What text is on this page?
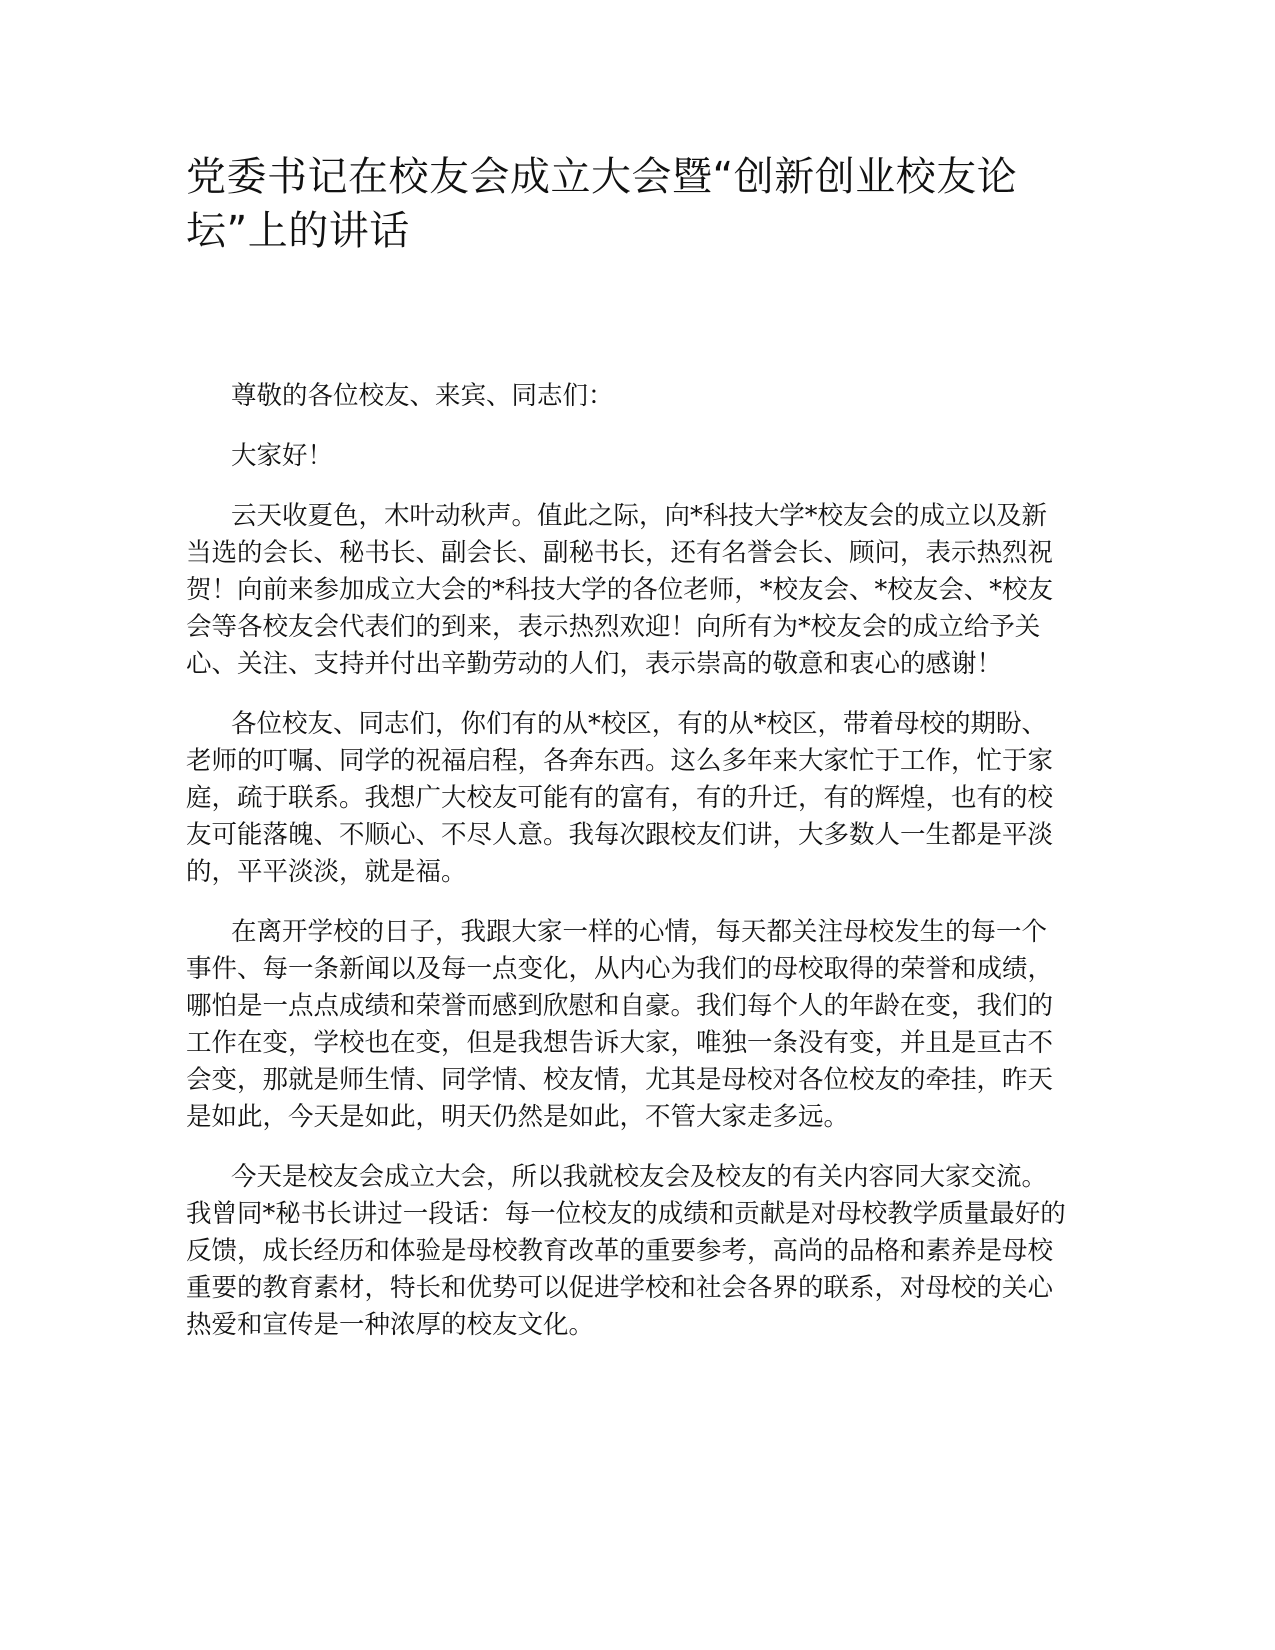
党委书记在校友会成立大会暨“创新创业校友论坛”上的讲话

尊敬的各位校友、来宾、同志们：

大家好！

云天收夏色，木叶动秋声。值此之际，向*科技大学*校友会的成立以及新当选的会长、秘书长、副会长、副秘书长，还有名誉会长、顾问，表示热烈祝贺！向前来参加成立大会的*科技大学的各位老师，*校友会、*校友会、*校友会等各校友会代表们的到来，表示热烈欢迎！向所有为*校友会的成立给予关心、关注、支持并付出辛勤劳动的人们，表示崇高的敬意和衷心的感谢！

各位校友、同志们，你们有的从*校区，有的从*校区，带着母校的期盼、老师的叮嘱、同学的祝福启程，各奔东西。这么多年来大家忙于工作，忙于家庭，疏于联系。我想广大校友可能有的富有，有的升迁，有的辉煌，也有的校友可能落魄、不顺心、不尽人意。我每次跟校友们讲，大多数人一生都是平淡的，平平淡淡，就是福。

在离开学校的日子，我跟大家一样的心情，每天都关注母校发生的每一个事件、每一条新闻以及每一点变化，从内心为我们的母校取得的荣誉和成绩，哪怕是一点点成绩和荣誉而感到欣慰和自豪。我们每个人的年龄在变，我们的工作在变，学校也在变，但是我想告诉大家，唯独一条没有变，并且是亘古不会变，那就是师生情、同学情、校友情，尤其是母校对各位校友的牵挂，昨天是如此，今天是如此，明天仍然是如此，不管大家走多远。

今天是校友会成立大会，所以我就校友会及校友的有关内容同大家交流。我曾同*秘书长讲过一段话：每一位校友的成绩和贡献是对母校教学质量最好的反馈，成长经历和体验是母校教育改革的重要参考，高尚的品格和素养是母校重要的教育素材，特长和优势可以促进学校和社会各界的联系，对母校的关心热爱和宣传是一种浓厚的校友文化。
